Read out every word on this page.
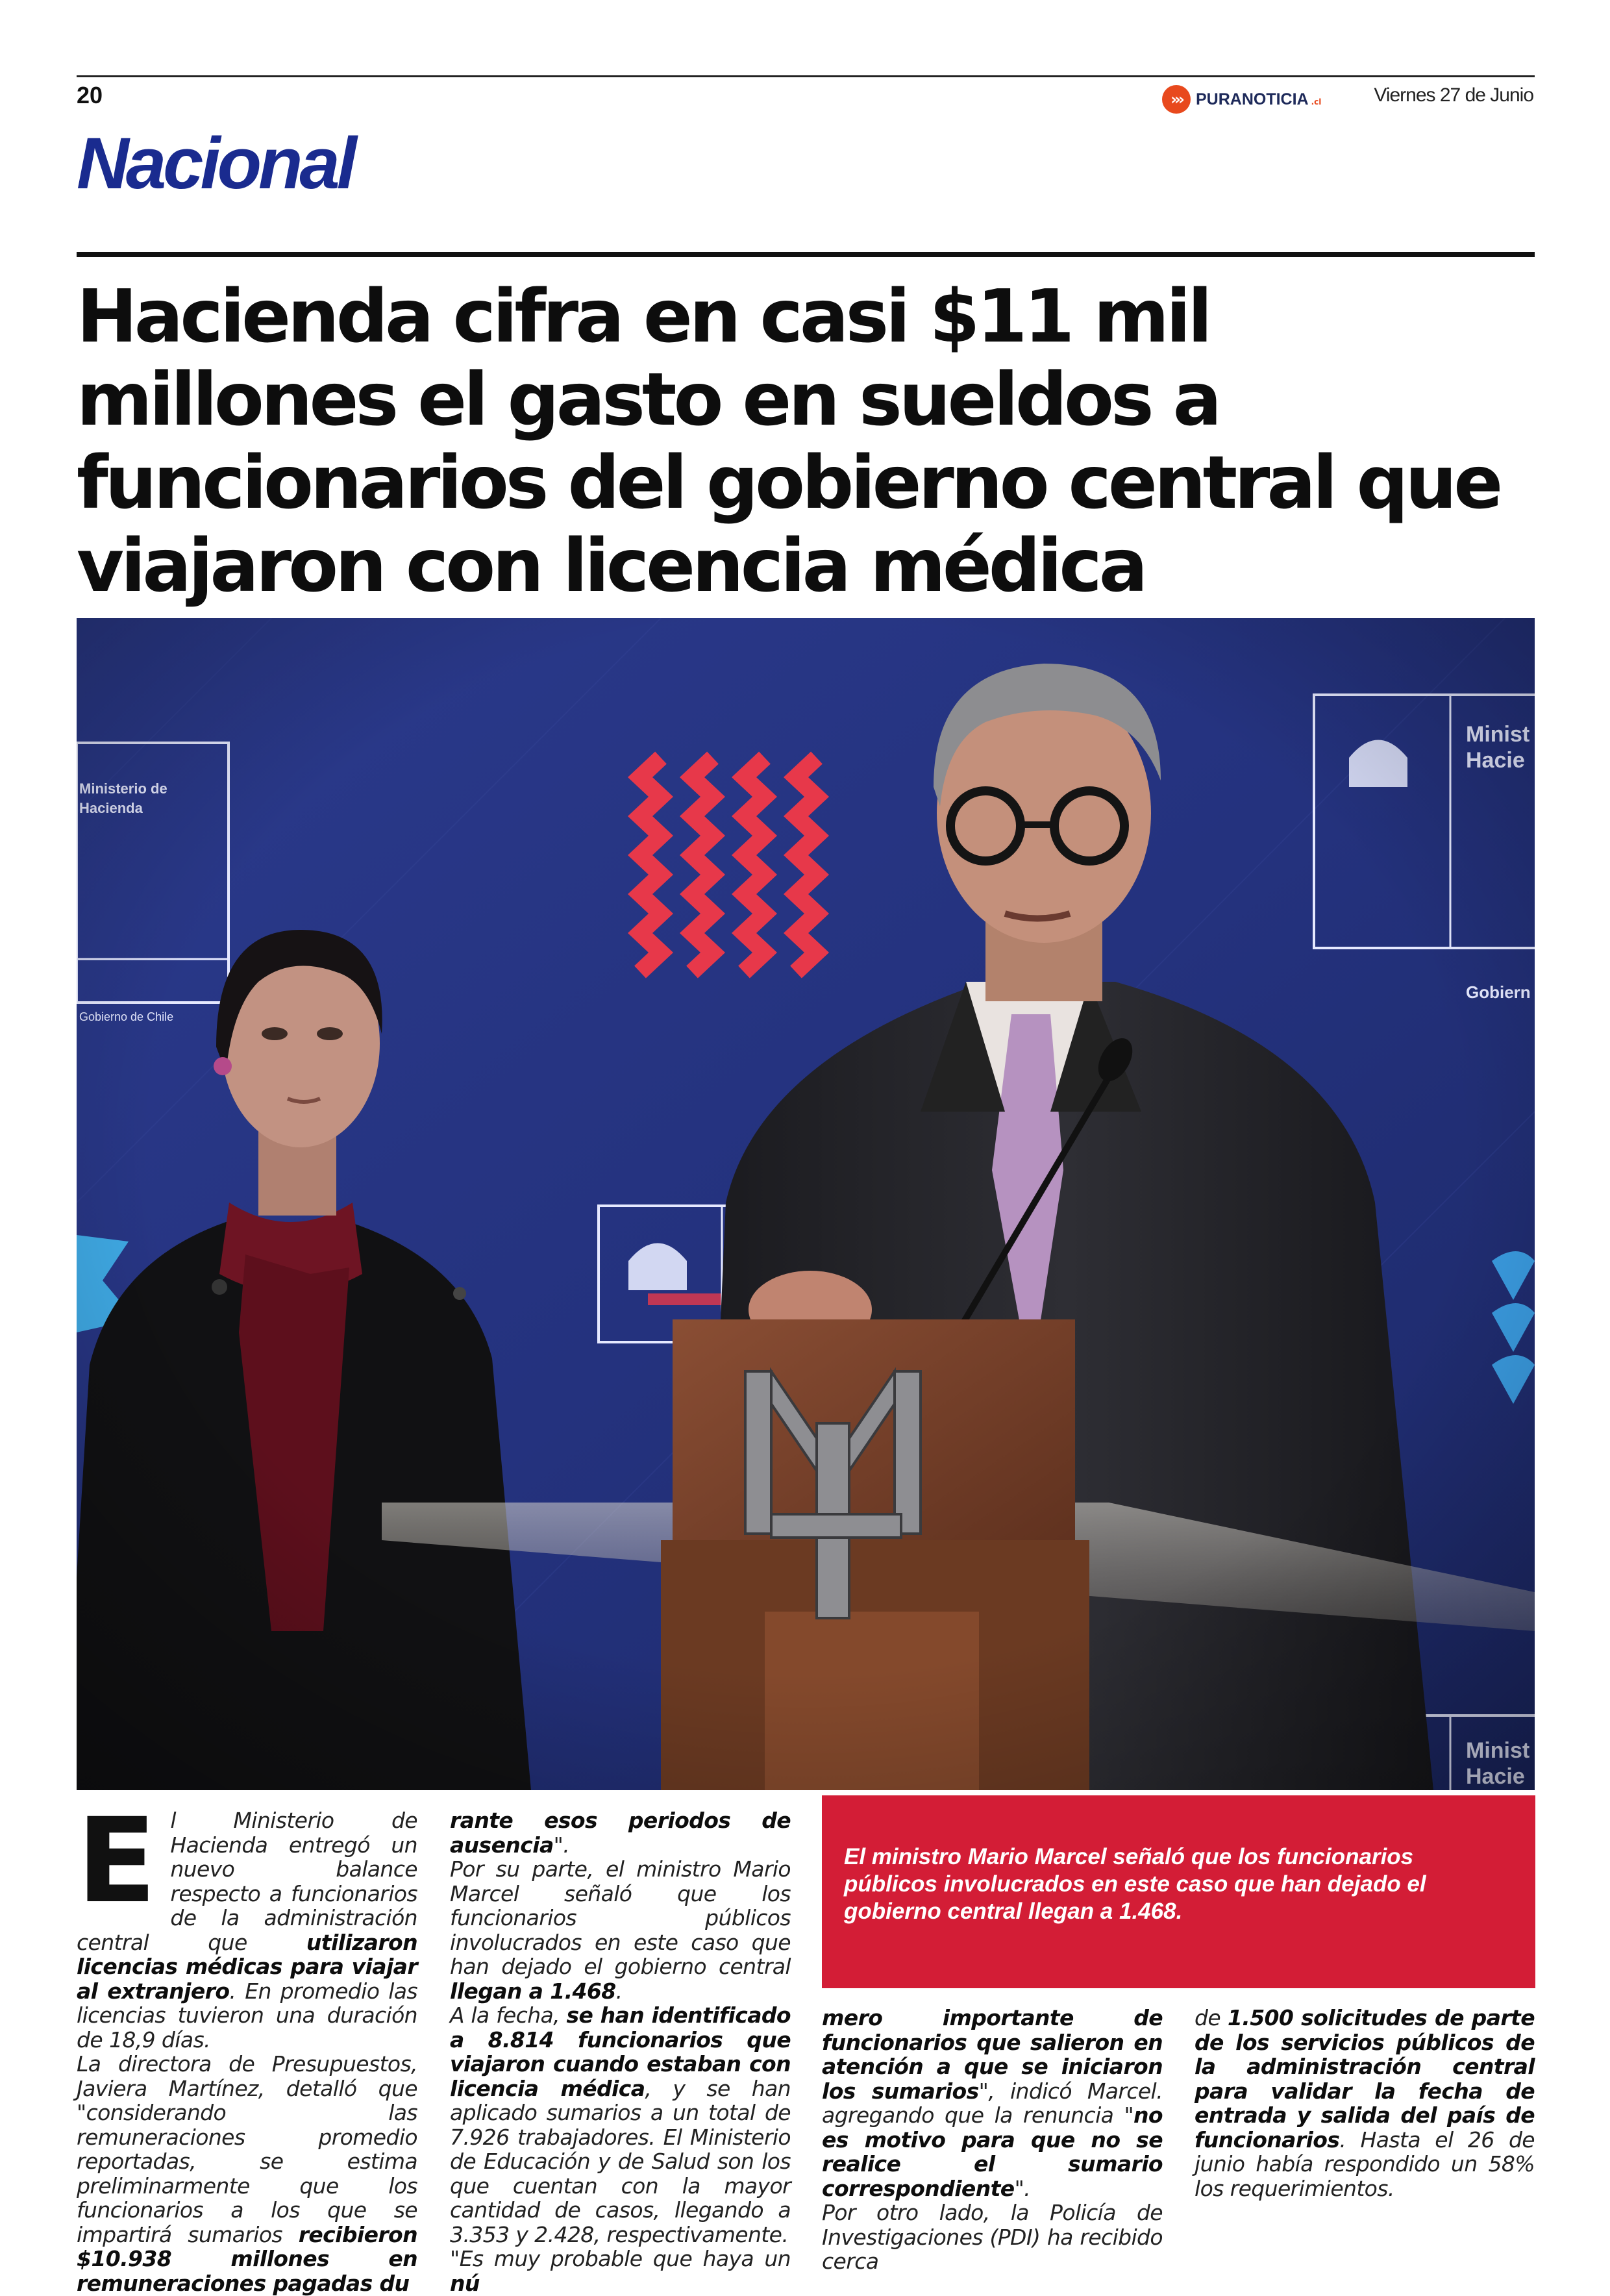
20	››› PURANOTICIA .cl	Viernes 27 de Junio
Nacional
Hacienda cifra en casi $11 mil millones el gasto en sueldos a funcionarios del gobierno central que viajaron con licencia médica
El ministro Mario Marcel señaló que los funcionarios públicos involucrados en este caso que han dejado el gobierno central llegan a 1.468.

El Ministerio de Hacienda entregó un nuevo balance respecto a funcionarios de la administración central que utilizaron licencias médicas para viajar al extranjero. En promedio las licencias tuvieron una duración de 18,9 días.

La directora de Presupuestos, Javiera Martínez, detalló que "considerando las remuneraciones promedio reportadas, se estima preliminarmente que los funcionarios a los que se impartirá sumarios recibieron $10.938 millones en remuneraciones pagadas du

rante esos periodos de ausencia".

Por su parte, el ministro Mario Marcel señaló que los funcionarios públicos involucrados en este caso que han dejado el gobierno central llegan a 1.468.

A la fecha, se han identificado a 8.814 funcionarios que viajaron cuando estaban con licencia médica, y se han aplicado sumarios a un total de 7.926 trabajadores. El Ministerio de Educación y de Salud son los que cuentan con la mayor cantidad de casos, llegando a 3.353 y 2.428, respectivamente.

"Es muy probable que haya un nú

mero importante de funcionarios que salieron en atención a que se iniciaron los sumarios", indicó Marcel. agregando que la renuncia "no es motivo para que no se realice el sumario correspondiente".

Por otro lado, la Policía de Investigaciones (PDI) ha recibido cerca

de 1.500 solicitudes de parte de los servicios públicos de la administración central para validar la fecha de entrada y salida del país de funcionarios. Hasta el 26 de junio había respondido un 58% los requerimientos.
